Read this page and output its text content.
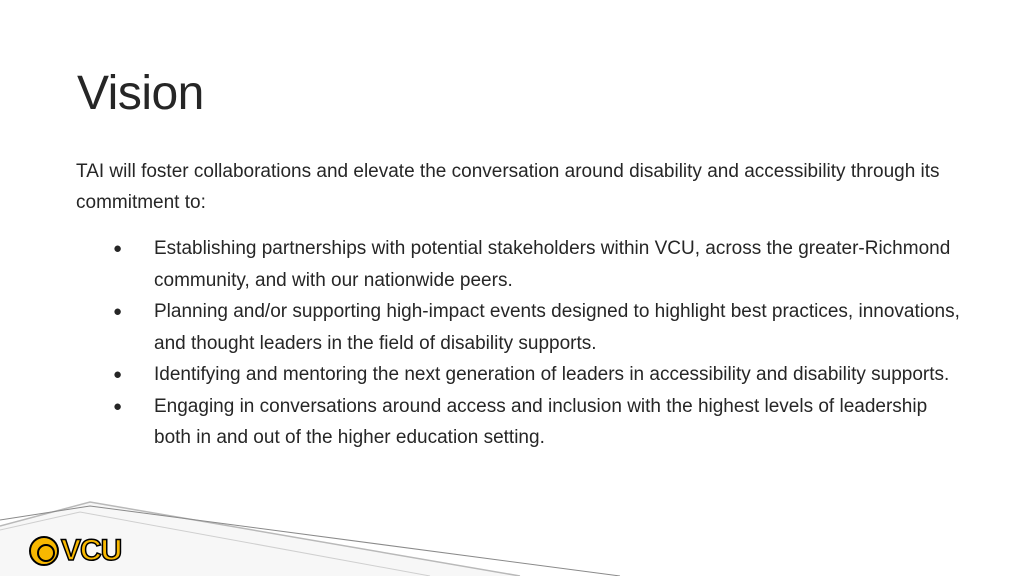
Vision

TAI will foster collaborations and elevate the conversation around disability and accessibility through its commitment to:

● Establishing partnerships with potential stakeholders within VCU, across the greater-Richmond community, and with our nationwide peers.
● Planning and/or supporting high-impact events designed to highlight best practices, innovations, and thought leaders in the field of disability supports.
● Identifying and mentoring the next generation of leaders in accessibility and disability supports.
● Engaging in conversations around access and inclusion with the highest levels of leadership both in and out of the higher education setting.
VCU
